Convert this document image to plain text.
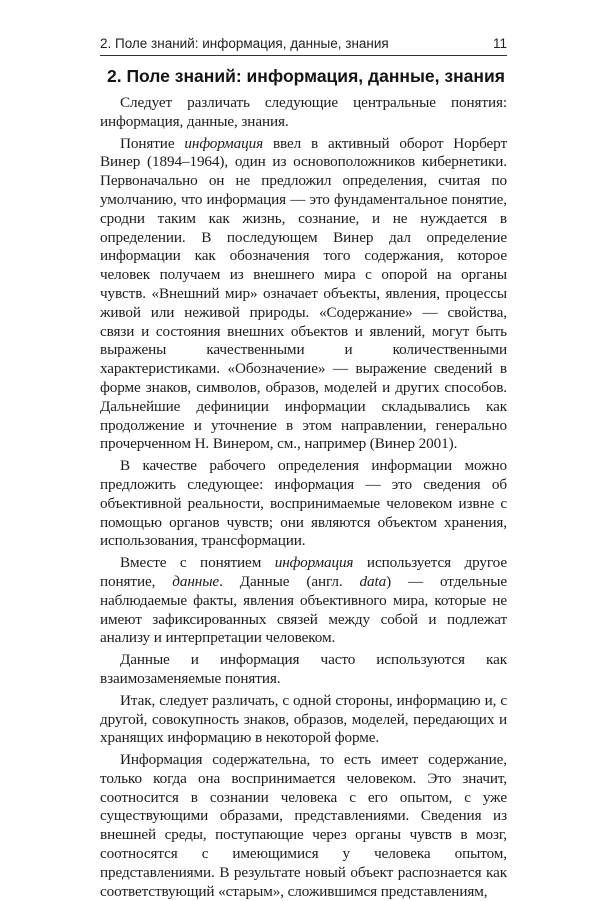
2. Поле знаний: информация, данные, знания	11
2. Поле знаний: информация, данные, знания

Следует различать следующие центральные понятия: информация, данные, знания.

Понятие информация ввел в активный оборот Норберт Винер (1894–1964), один из основоположников кибернетики. Первоначально он не предложил определения, считая по умолчанию, что информация — это фундаментальное понятие, сродни таким как жизнь, сознание, и не нуждается в определении. В последующем Винер дал определение информации как обозначения того содержания, которое человек получаем из внешнего мира с опорой на органы чувств. «Внешний мир» означает объекты, явления, процессы живой или неживой природы. «Содержание» — свойства, связи и состояния внешних объектов и явлений, могут быть выражены качественными и количественными характеристиками. «Обозначение» — выражение сведений в форме знаков, символов, образов, моделей и других способов. Дальнейшие дефиниции информации складывались как продолжение и уточнение в этом направлении, генерально прочерченном Н. Винером, см., например (Винер 2001).

В качестве рабочего определения информации можно предложить следующее: информация — это сведения об объективной реальности, воспринимаемые человеком извне с помощью органов чувств; они являются объектом хранения, использования, трансформации.

Вместе с понятием информация используется другое понятие, данные. Данные (англ. data) — отдельные наблюдаемые факты, явления объективного мира, которые не имеют зафиксированных связей между собой и подлежат анализу и интерпретации человеком.

Данные и информация часто используются как взаимозаменяемые понятия.

Итак, следует различать, с одной стороны, информацию и, с другой, совокупность знаков, образов, моделей, передающих и хранящих информацию в некоторой форме.

Информация содержательна, то есть имеет содержание, только когда она воспринимается человеком. Это значит, соотносится в сознании человека с его опытом, с уже существующими образами, представлениями. Сведения из внешней среды, поступающие через органы чувств в мозг, соотносятся с имеющимися у человека опытом, представлениями. В результате новый объект распознается как соответствующий «старым», сложившимся представлениям,
